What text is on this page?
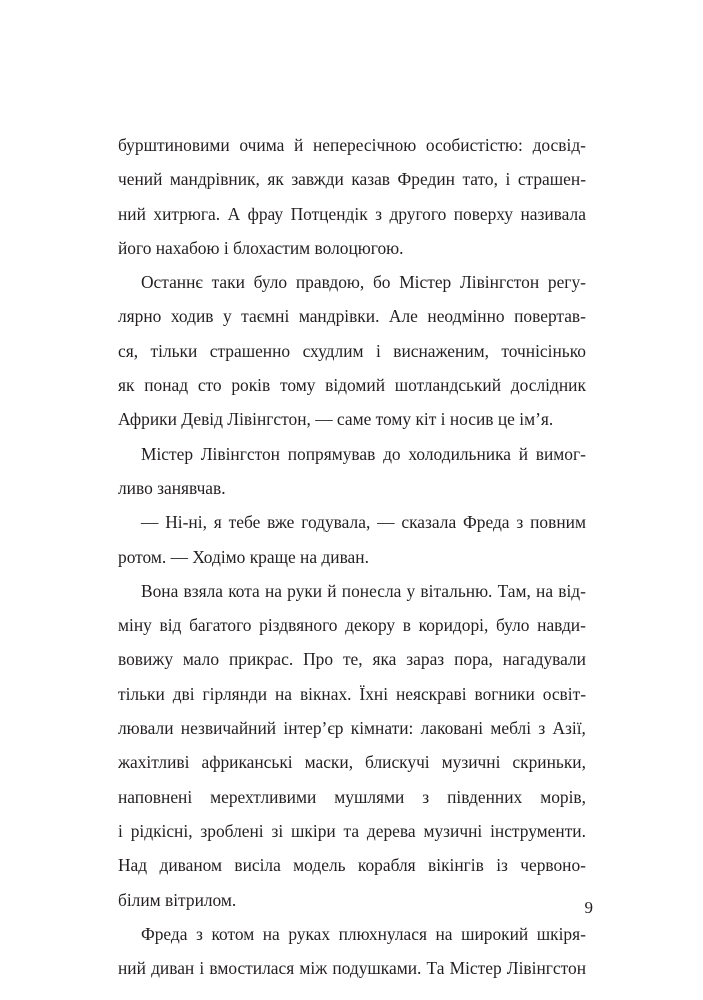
бурштиновими очима й непересічною особистістю: досвід-
чений мандрівник, як завжди казав Фредин тато, і страшен-
ний хитрюга. А фрау Потцендік з другого поверху називала
його нахабою і блохастим волоцюгою.
Останнє таки було правдою, бо Містер Лівінгстон регу-
лярно ходив у таємні мандрівки. Але неодмінно повертав-
ся, тільки страшенно схудлим і виснаженим, точнісінько
як понад сто років тому відомий шотландський дослідник
Африки Девід Лівінгстон, — саме тому кіт і носив це ім’я.
Містер Лівінгстон попрямував до холодильника й вимог-
ливо занявчав.
— Ні-ні, я тебе вже годувала, — сказала Фреда з повним
ротом. — Ходімо краще на диван.
Вона взяла кота на руки й понесла у вітальню. Там, на від-
міну від багатого різдвяного декору в коридорі, було навди-
вовижу мало прикрас. Про те, яка зараз пора, нагадували
тільки дві гірлянди на вікнах. Їхні неяскраві вогники освіт-
лювали незвичайний інтер’єр кімнати: лаковані меблі з Азії,
жахітливі африканські маски, блискучі музичні скриньки,
наповнені мерехтливими мушлями з південних морів,
і рідкісні, зроблені зі шкіри та дерева музичні інструменти.
Над диваном висіла модель корабля вікінгів із червоно-
білим вітрилом.
Фреда з котом на руках плюхнулася на широкий шкіря-
ний диван і вмостилася між подушками. Та Містер Лівінгстон
9
